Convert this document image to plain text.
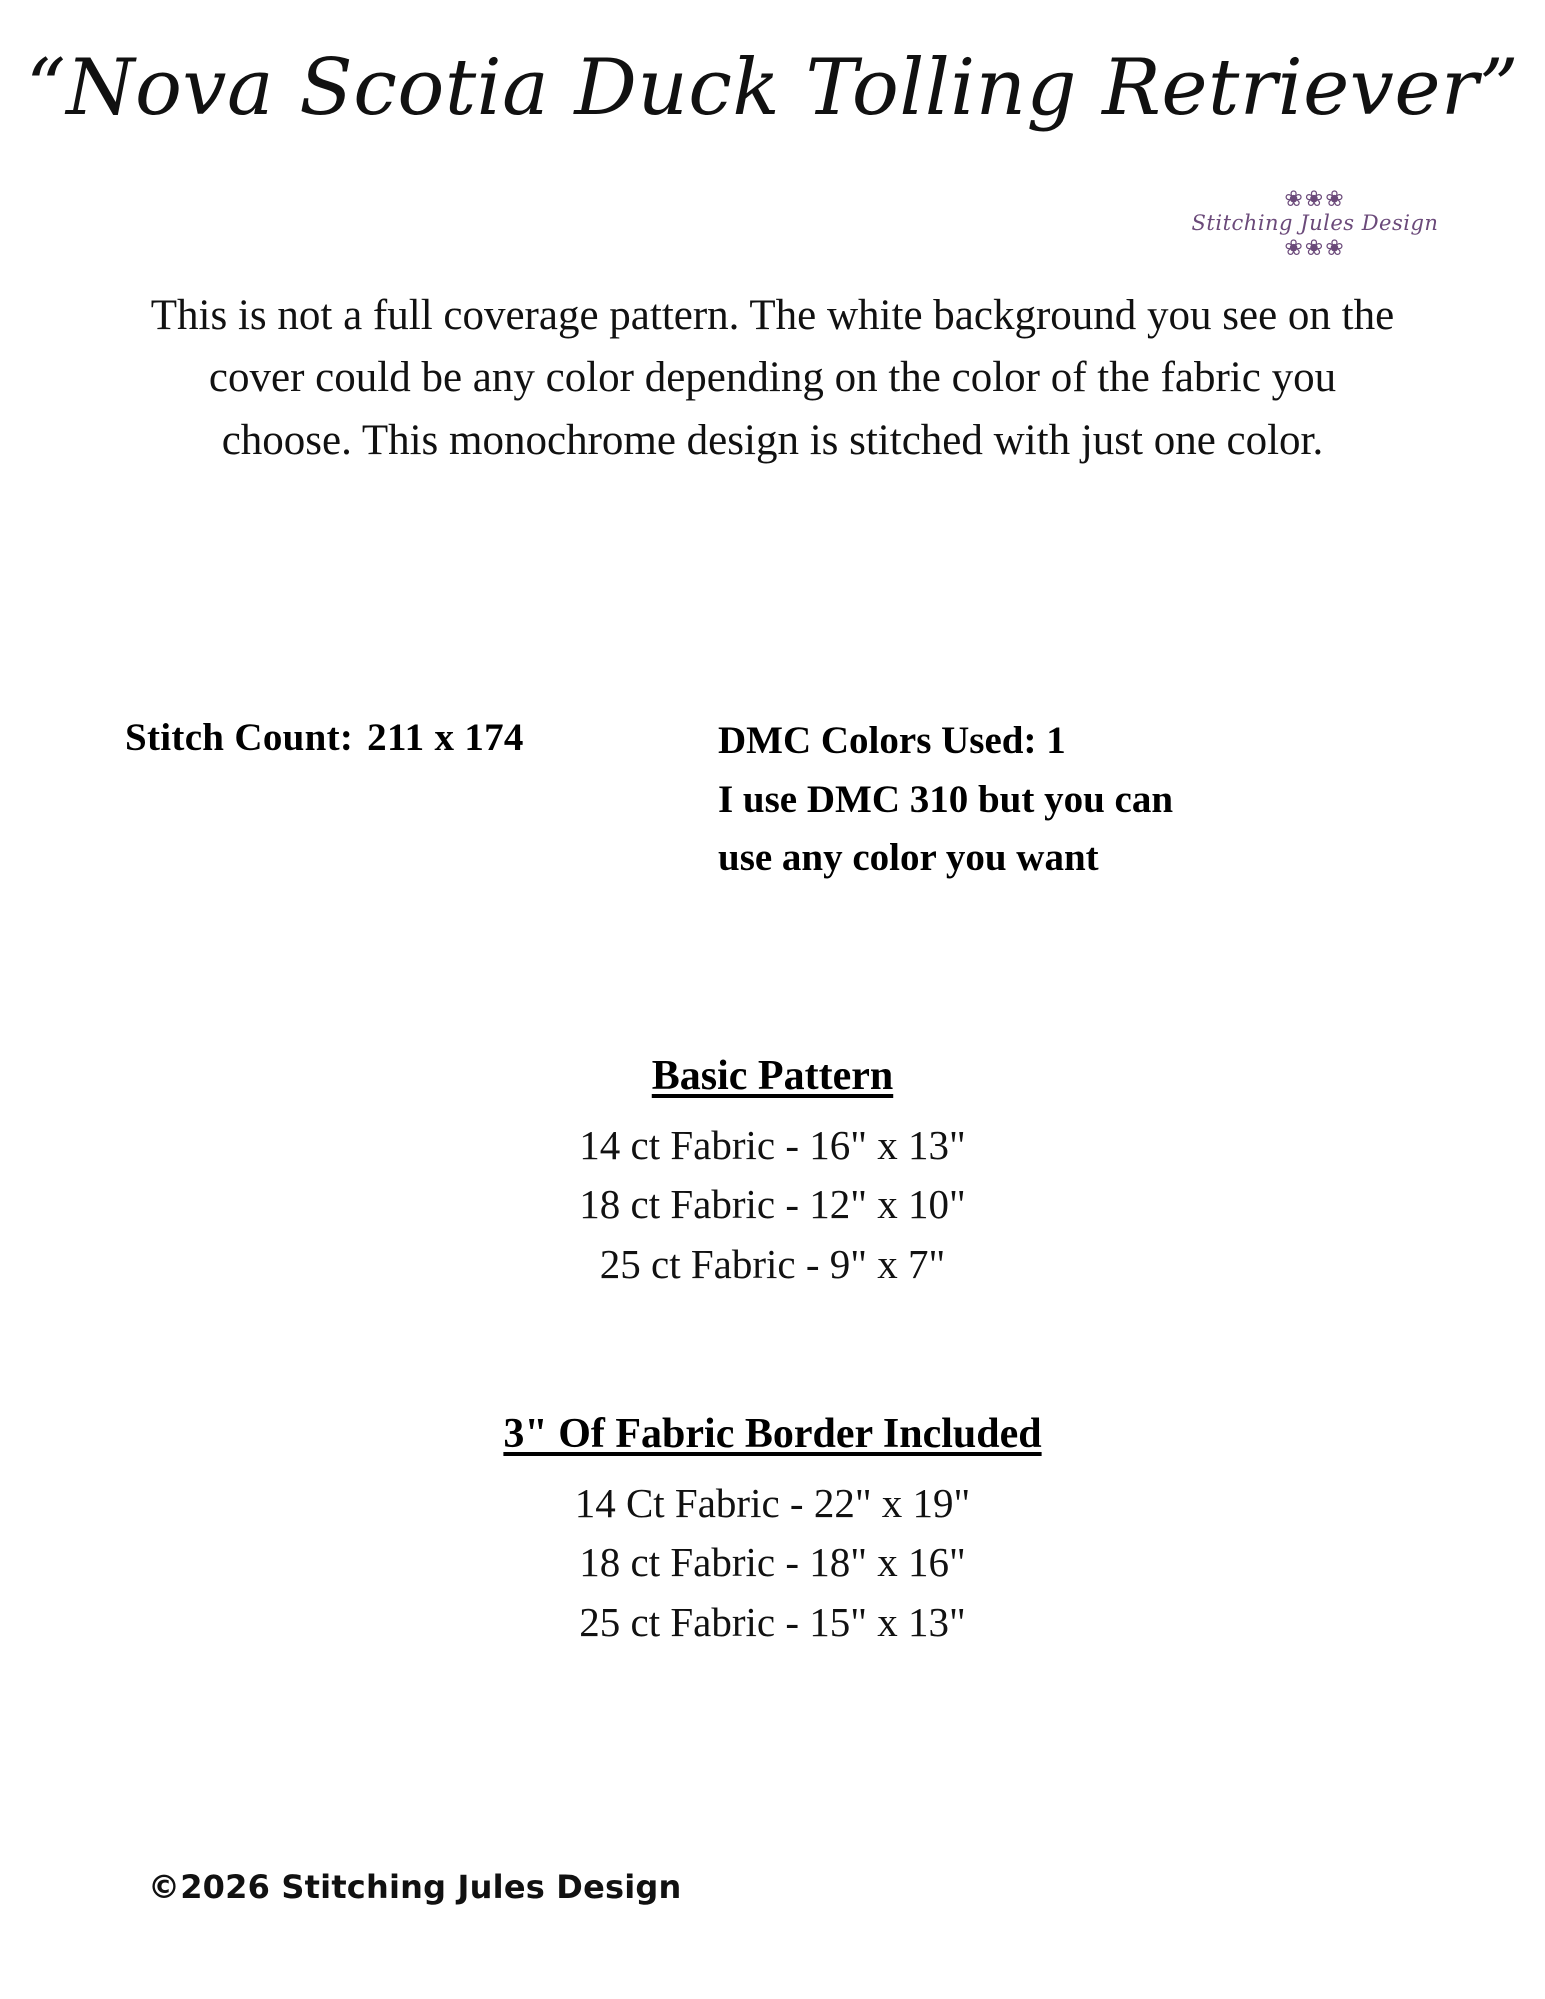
“Nova Scotia Duck Tolling Retriever”
❀❀❀
Stitching Jules Design
❀❀❀
This is not a full coverage pattern. The white background you see on the cover could be any color depending on the color of the fabric you choose. This monochrome design is stitched with just one color.
Stitch Count: 211 x 174	DMC Colors Used: 1
I use DMC 310 but you can
use any color you want
Basic Pattern
14 ct Fabric - 16" x 13"
18 ct Fabric - 12" x 10"
25 ct Fabric - 9" x 7"
3" Of Fabric Border Included
14 Ct Fabric - 22" x 19"
18 ct Fabric - 18" x 16"
25 ct Fabric - 15" x 13"
©2026 Stitching Jules Design
